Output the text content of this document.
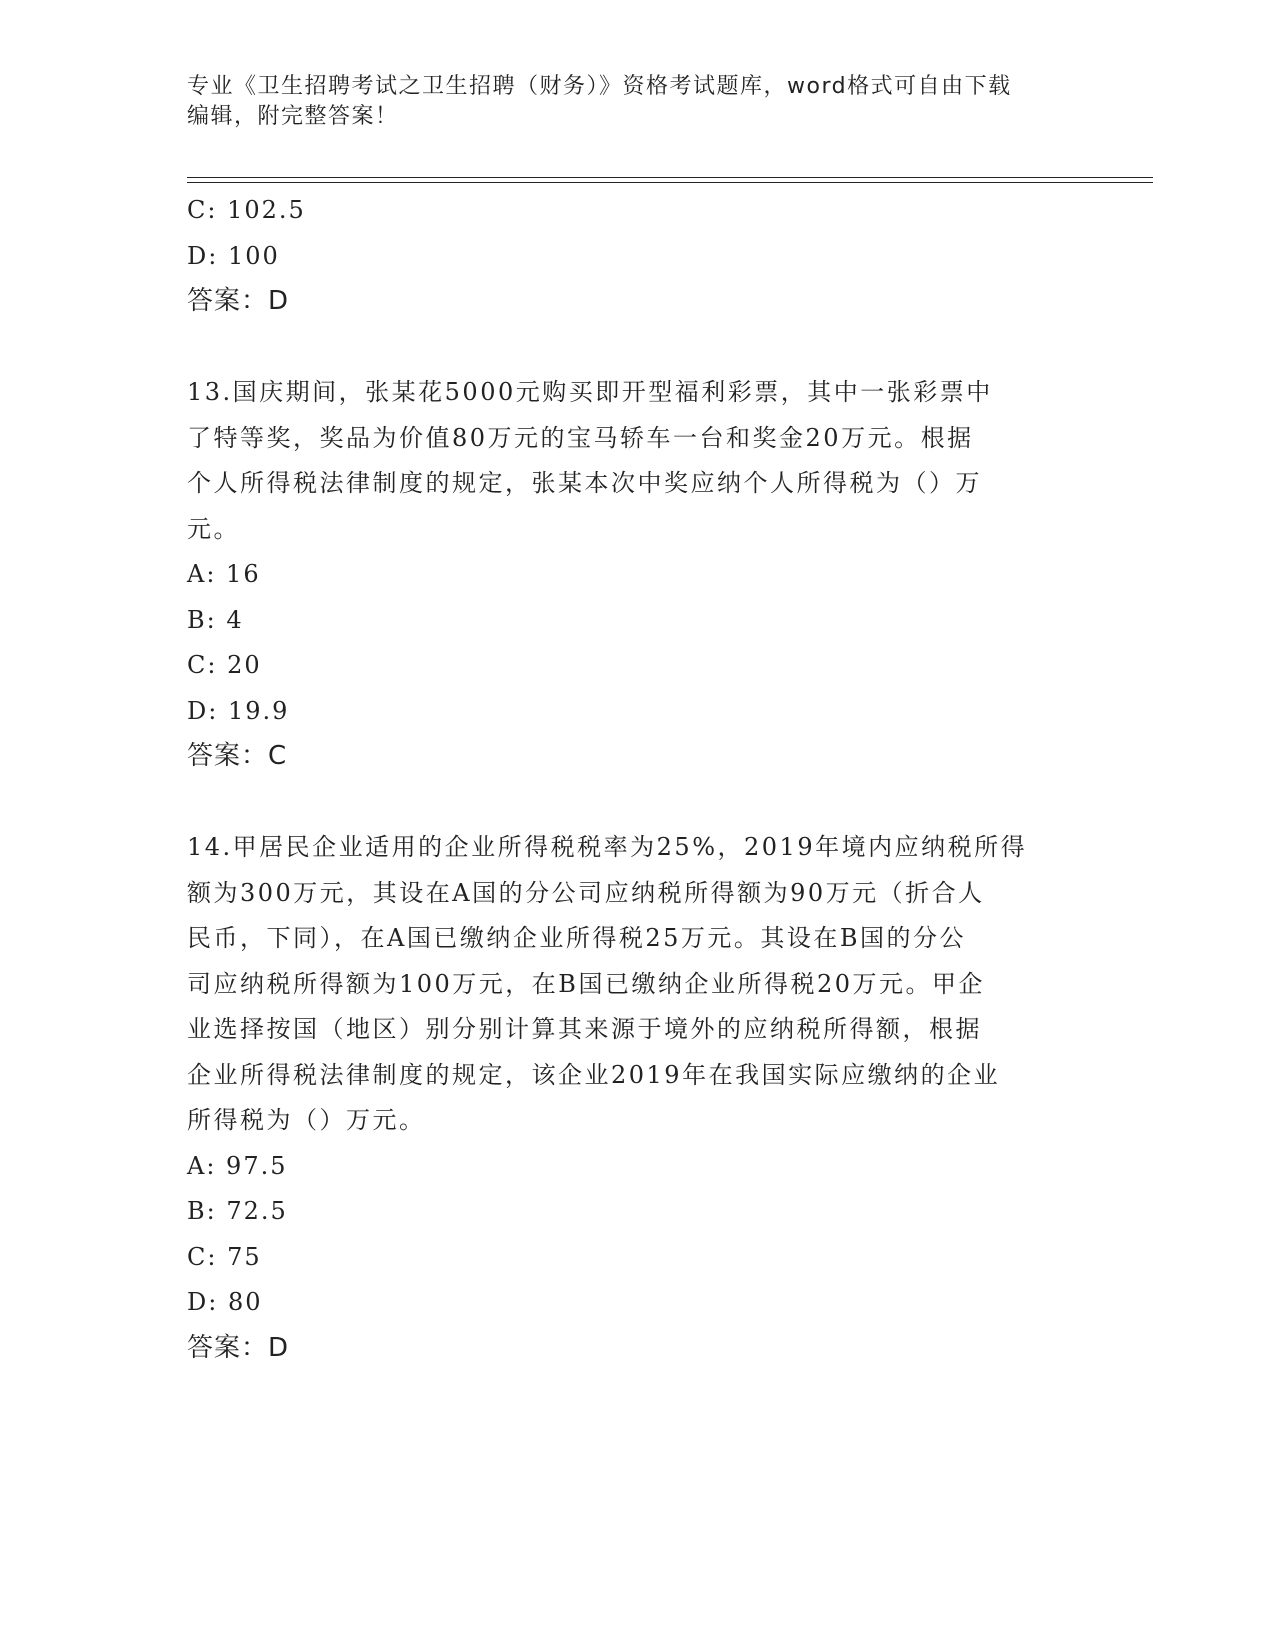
专业《卫生招聘考试之卫生招聘（财务）》资格考试题库，word格式可自由下载
编辑，附完整答案！
C: 102.5
D: 100
答案：D
13.国庆期间，张某花5000元购买即开型福利彩票，其中一张彩票中
了特等奖，奖品为价值80万元的宝马轿车一台和奖金20万元。根据
个人所得税法律制度的规定，张某本次中奖应纳个人所得税为（）万
元。
A: 16
B: 4
C: 20
D: 19.9
答案：C
14.甲居民企业适用的企业所得税税率为25%，2019年境内应纳税所得
额为300万元，其设在A国的分公司应纳税所得额为90万元（折合人
民币，下同），在A国已缴纳企业所得税25万元。其设在B国的分公
司应纳税所得额为100万元，在B国已缴纳企业所得税20万元。甲企
业选择按国（地区）别分别计算其来源于境外的应纳税所得额，根据
企业所得税法律制度的规定，该企业2019年在我国实际应缴纳的企业
所得税为（）万元。
A: 97.5
B: 72.5
C: 75
D: 80
答案：D
